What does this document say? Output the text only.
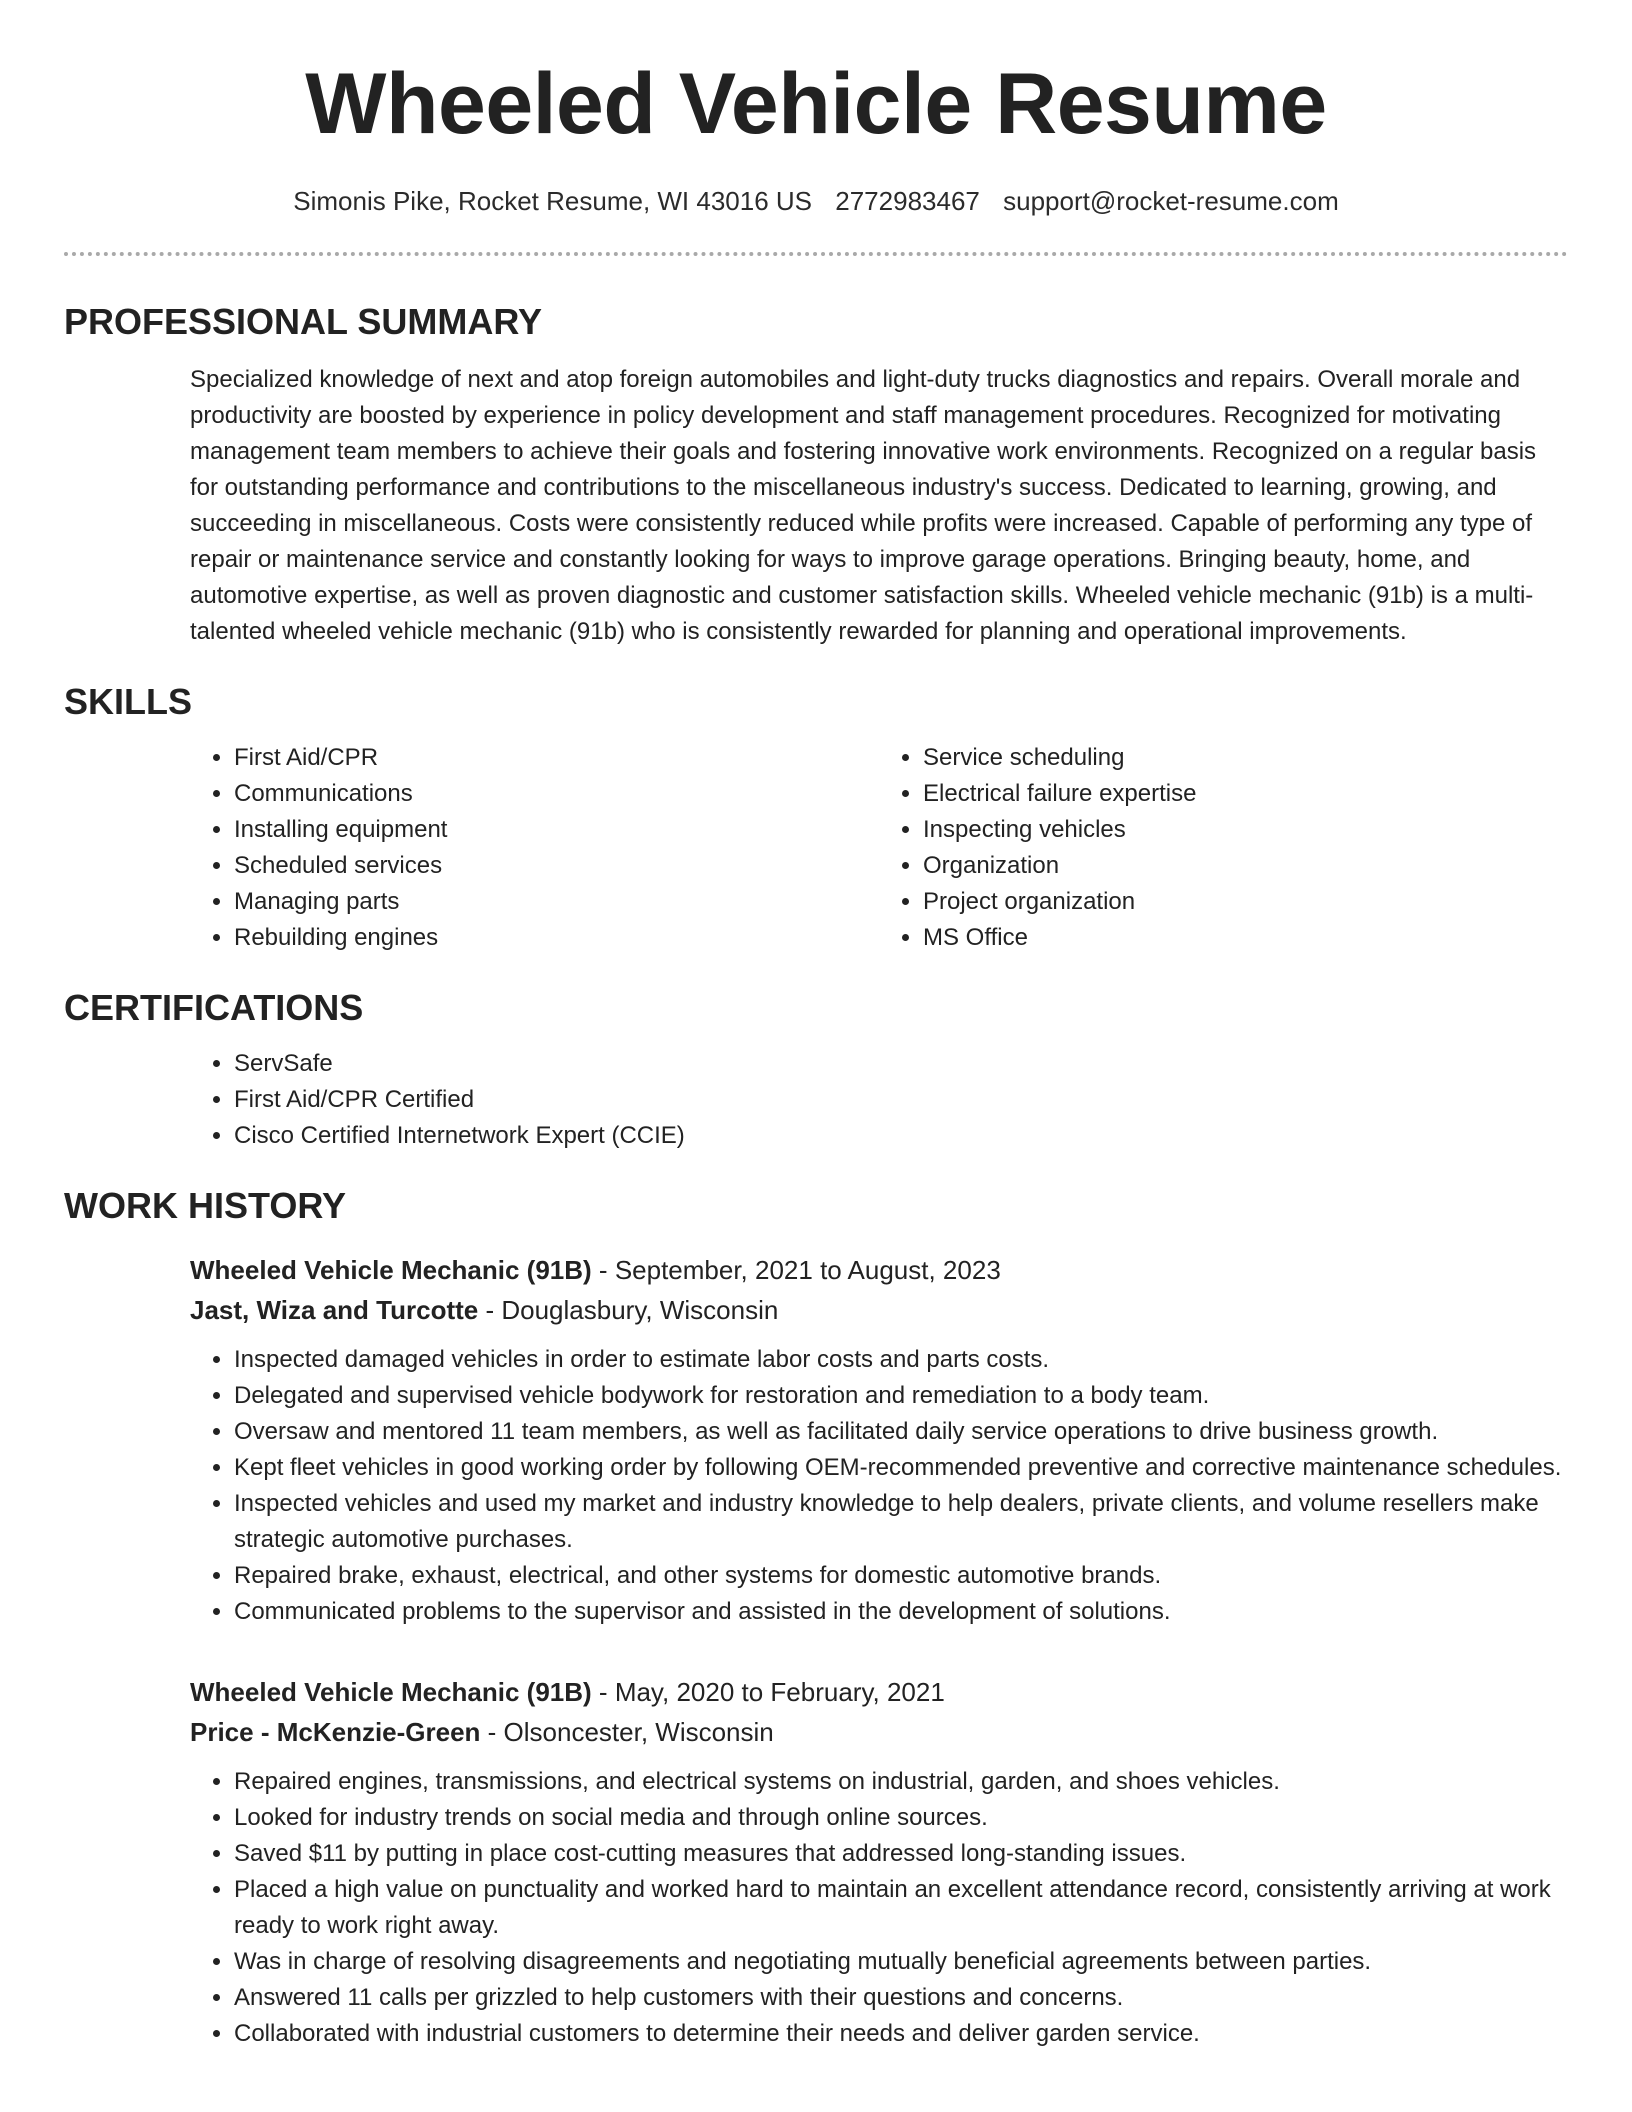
Wheeled Vehicle Resume
Simonis Pike, Rocket Resume, WI 43016 US 2772983467 support@rocket-resume.com
PROFESSIONAL SUMMARY

Specialized knowledge of next and atop foreign automobiles and light-duty trucks diagnostics and repairs. Overall morale and productivity are boosted by experience in policy development and staff management procedures. Recognized for motivating management team members to achieve their goals and fostering innovative work environments. Recognized on a regular basis for outstanding performance and contributions to the miscellaneous industry's success. Dedicated to learning, growing, and succeeding in miscellaneous. Costs were consistently reduced while profits were increased. Capable of performing any type of repair or maintenance service and constantly looking for ways to improve garage operations. Bringing beauty, home, and automotive expertise, as well as proven diagnostic and customer satisfaction skills. Wheeled vehicle mechanic (91b) is a multi-talented wheeled vehicle mechanic (91b) who is consistently rewarded for planning and operational improvements.

SKILLS
• First Aid/CPR
• Communications
• Installing equipment
• Scheduled services
• Managing parts
• Rebuilding engines
• Service scheduling
• Electrical failure expertise
• Inspecting vehicles
• Organization
• Project organization
• MS Office
CERTIFICATIONS
• ServSafe
• First Aid/CPR Certified
• Cisco Certified Internetwork Expert (CCIE)
WORK HISTORY
Wheeled Vehicle Mechanic (91B) - September, 2021 to August, 2023
Jast, Wiza and Turcotte - Douglasbury, Wisconsin
• Inspected damaged vehicles in order to estimate labor costs and parts costs.
• Delegated and supervised vehicle bodywork for restoration and remediation to a body team.
• Oversaw and mentored 11 team members, as well as facilitated daily service operations to drive business growth.
• Kept fleet vehicles in good working order by following OEM-recommended preventive and corrective maintenance schedules.
• Inspected vehicles and used my market and industry knowledge to help dealers, private clients, and volume resellers make strategic automotive purchases.
• Repaired brake, exhaust, electrical, and other systems for domestic automotive brands.
• Communicated problems to the supervisor and assisted in the development of solutions.
Wheeled Vehicle Mechanic (91B) - May, 2020 to February, 2021
Price - McKenzie-Green - Olsoncester, Wisconsin
• Repaired engines, transmissions, and electrical systems on industrial, garden, and shoes vehicles.
• Looked for industry trends on social media and through online sources.
• Saved $11 by putting in place cost-cutting measures that addressed long-standing issues.
• Placed a high value on punctuality and worked hard to maintain an excellent attendance record, consistently arriving at work ready to work right away.
• Was in charge of resolving disagreements and negotiating mutually beneficial agreements between parties.
• Answered 11 calls per grizzled to help customers with their questions and concerns.
• Collaborated with industrial customers to determine their needs and deliver garden service.
